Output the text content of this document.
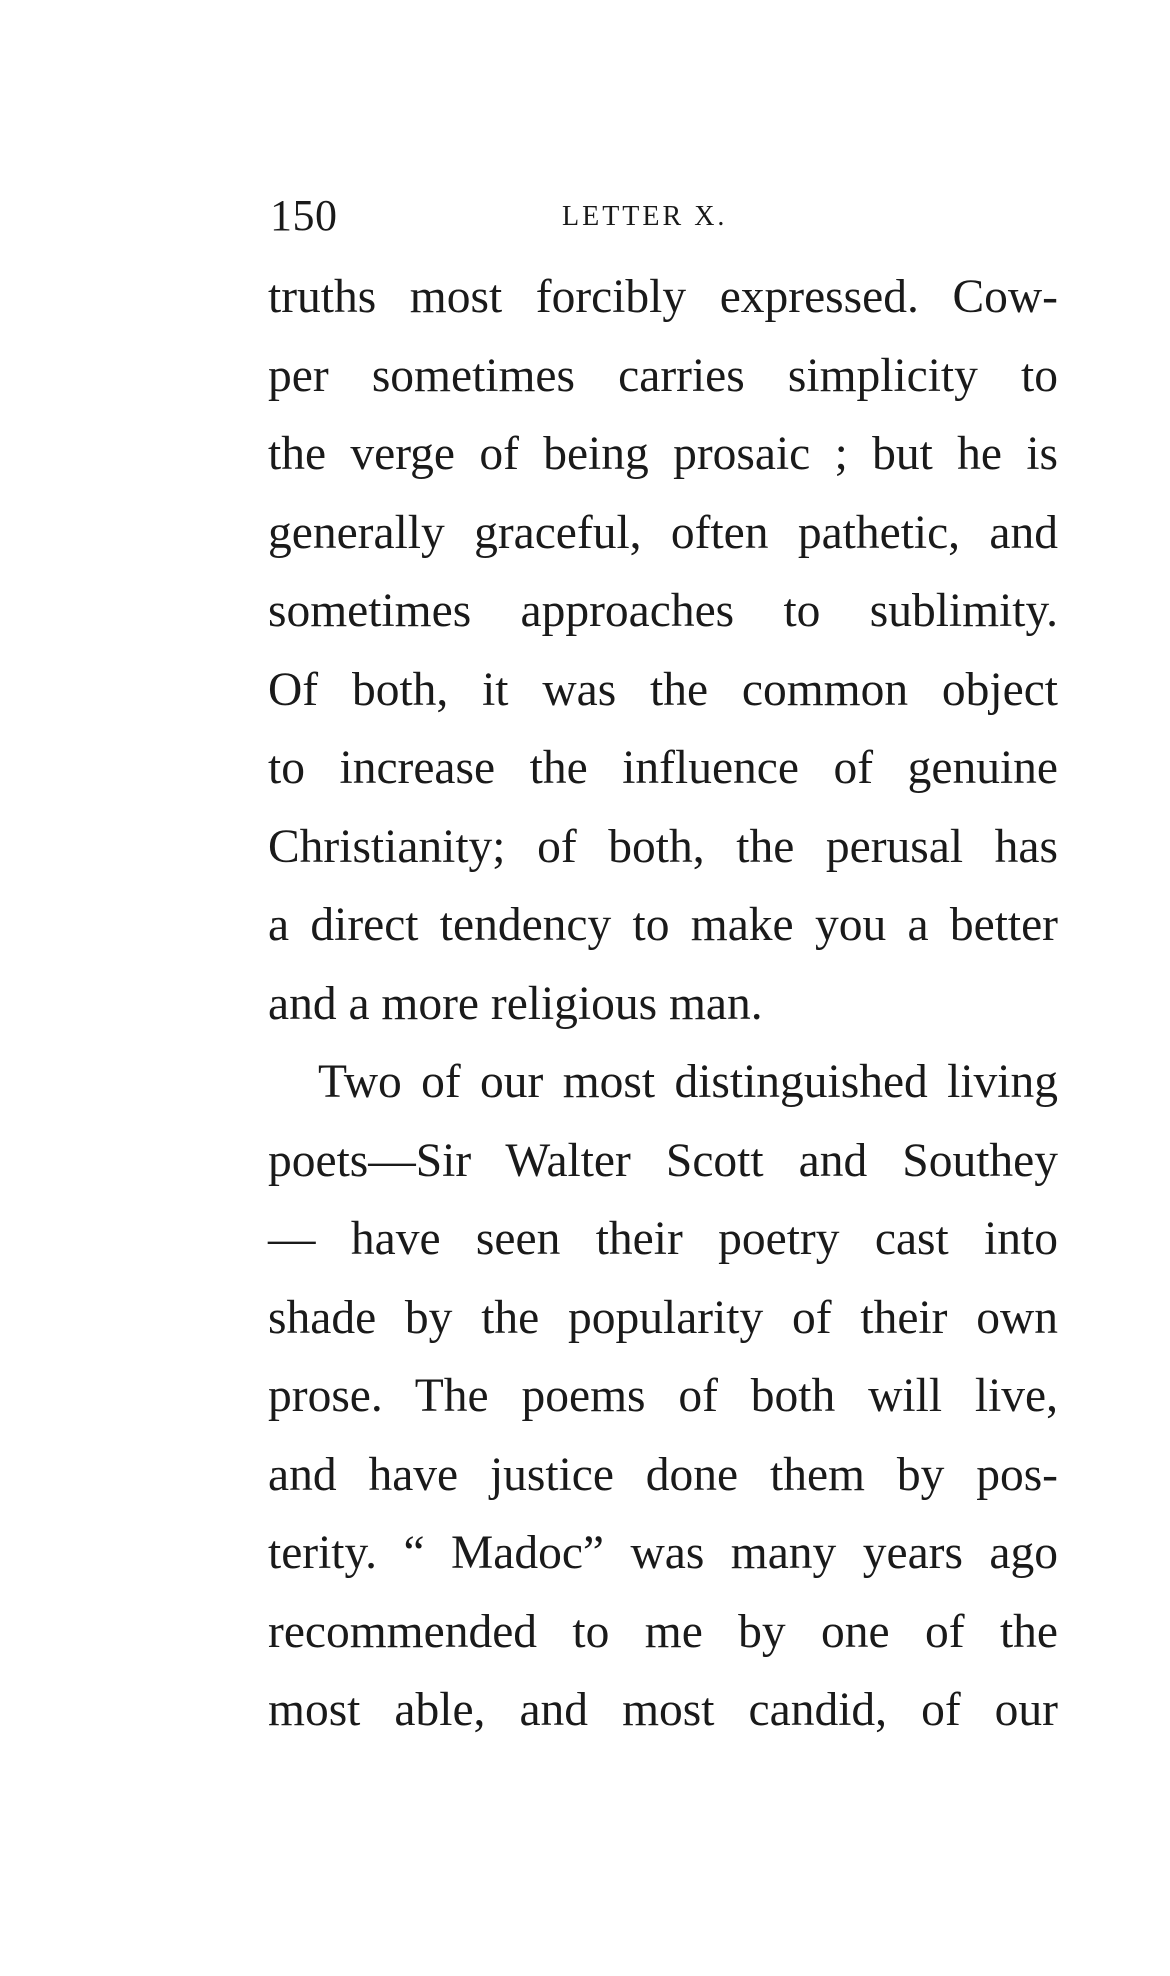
150	LETTER X.
truths most forcibly expressed. Cow-
per sometimes carries simplicity to
the verge of being prosaic ; but he is
generally graceful, often pathetic, and
sometimes approaches to sublimity.
Of both, it was the common object
to increase the influence of genuine
Christianity; of both, the perusal has
a direct tendency to make you a better
and a more religious man.
Two of our most distinguished living
poets—Sir Walter Scott and Southey
— have seen their poetry cast into
shade by the popularity of their own
prose. The poems of both will live,
and have justice done them by pos-
terity. “ Madoc” was many years ago
recommended to me by one of the
most able, and most candid, of our
